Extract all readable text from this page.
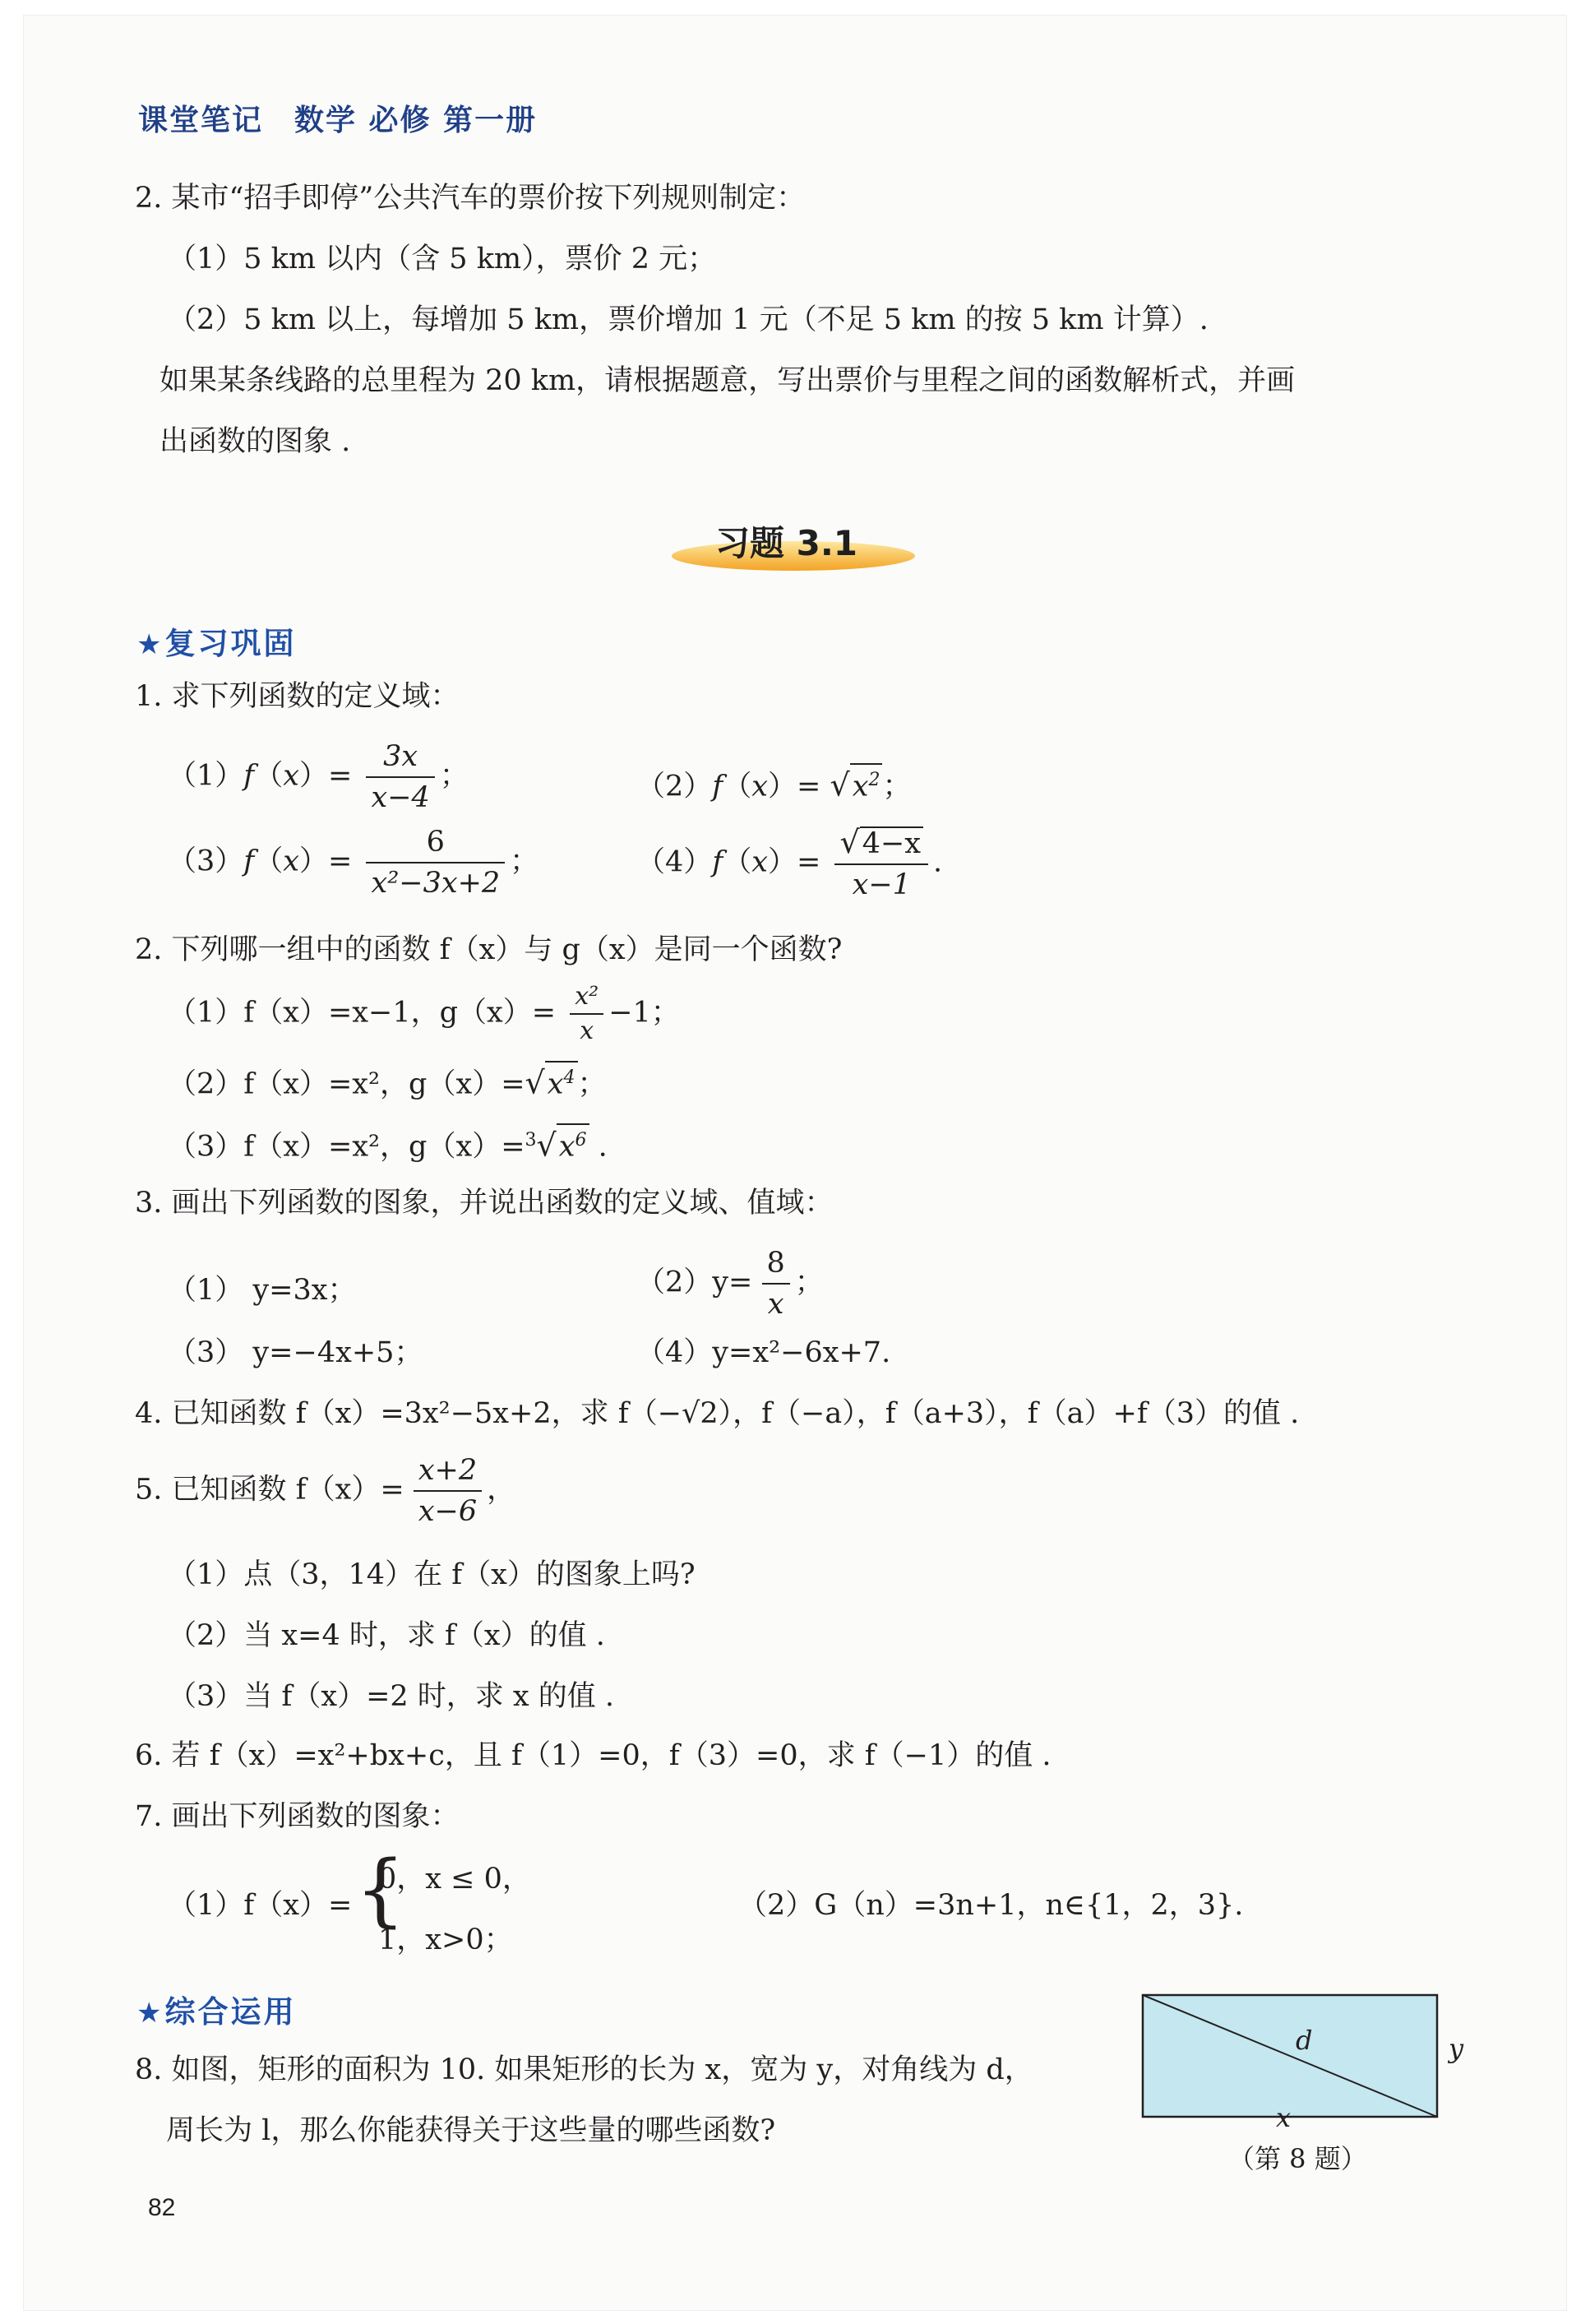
课堂笔记　数学 必修 第一册
2. 某市“招手即停”公共汽车的票价按下列规则制定：
（1）5 km 以内（含 5 km），票价 2 元；
（2）5 km 以上，每增加 5 km，票价增加 1 元（不足 5 km 的按 5 km 计算）.
如果某条线路的总里程为 20 km，请根据题意，写出票价与里程之间的函数解析式，并画
出函数的图象 .
习题 3.1
★ 复习巩固
1. 求下列函数的定义域：
$(1)f(x)= \frac{3x}{x-4}$ ；	$(2)f(x)= √x^2$；
$(3)f(x)= \frac{6}{\text{x²−3x+2}}$ ；	$(4)f(x)= \frac{√4-x}{x-1}$ .
2. 下列哪一组中的函数 f（x）与 g（x）是同一个函数?
（1）f（x）=x−1，$g(x)= \frac{\text{x²}}{x} -1$；
（2）f（x）=x²，$g(x)=√x^4$；
（3）f（x）=x²，$g(x)=^3√x^6$ .
3. 画出下列函数的图象，并说出函数的定义域、值域：
（1） y=3x；	$(2)y= \frac{8}{x}$ ；
（3） y=−4x+5；	（4）y=x²−6x+7.
4. 已知函数 f（x）=3x²−5x+2，求 f（−√2），f（−a），f（a+3），f（a）+f（3）的值 .
5. 已知函数 $f(x)= \frac{x+2}{x-6}$ ，
（1）点（3，14）在 f（x）的图象上吗?
（2）当 x=4 时，求 f（x）的值 .
（3）当 f（x）=2 时，求 x 的值 .
6. 若 f（x）=x²+bx+c，且 f（1）=0，f（3）=0，求 f（−1）的值 .
7. 画出下列函数的图象：
（1）f（x）= {
0，x ≤ 0，
1，x>0；
（2）G（n）=3n+1，n∈{1，2，3}.
★ 综合运用
8. 如图，矩形的面积为 10. 如果矩形的长为 x，宽为 y，对角线为 d，
周长为 l，那么你能获得关于这些量的哪些函数?
d	y
x
（第 8 题）
82
